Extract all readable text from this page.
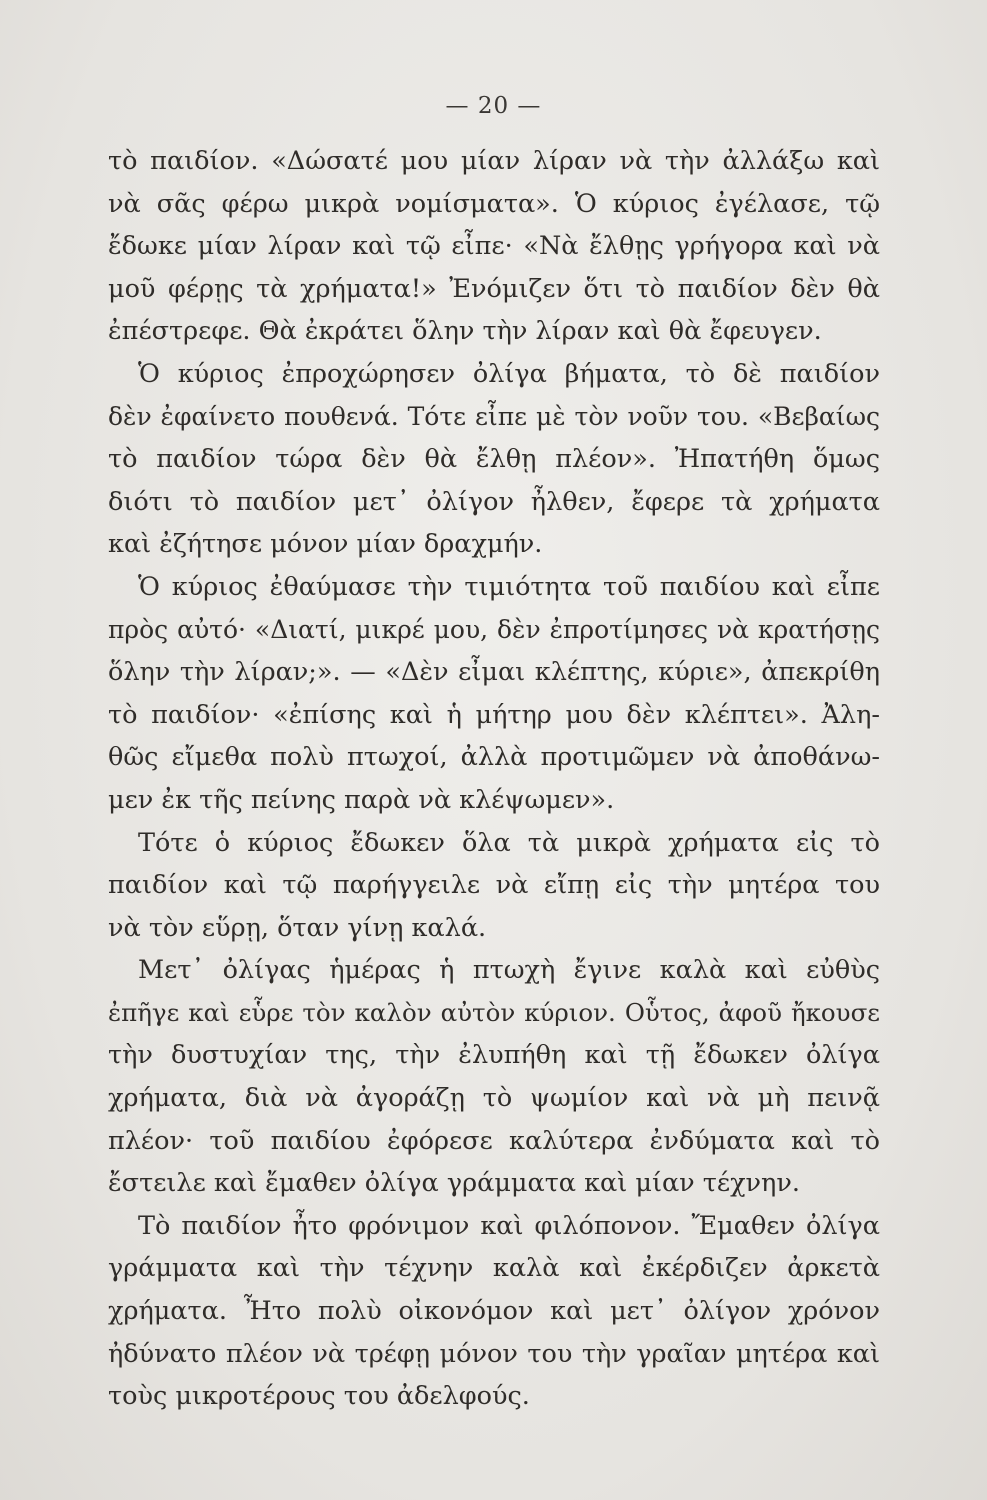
— 20 —
τὸ παιδίον. «Δώσατέ μου μίαν λίραν νὰ τὴν ἀλλάξω καὶ
νὰ σᾶς φέρω μικρὰ νομίσματα». Ὁ κύριος ἐγέλασε, τῷ
ἔδωκε μίαν λίραν καὶ τῷ εἶπε· «Νὰ ἔλθῃς γρήγορα καὶ νὰ
μοῦ φέρῃς τὰ χρήματα!» Ἐνόμιζεν ὅτι τὸ παιδίον δὲν θὰ
ἐπέστρεφε. Θὰ ἐκράτει ὅλην τὴν λίραν καὶ θὰ ἔφευγεν.
Ὁ κύριος ἐπροχώρησεν ὀλίγα βήματα, τὸ δὲ παιδίον
δὲν ἐφαίνετο πουθενά. Τότε εἶπε μὲ τὸν νοῦν του. «Βεβαίως
τὸ παιδίον τώρα δὲν θὰ ἔλθῃ πλέον». Ἠπατήθη ὅμως
διότι τὸ παιδίον μετ᾿ ὀλίγον ἦλθεν, ἔφερε τὰ χρήματα
καὶ ἐζήτησε μόνον μίαν δραχμήν.
Ὁ κύριος ἐθαύμασε τὴν τιμιότητα τοῦ παιδίου καὶ εἶπε
πρὸς αὐτό· «Διατί, μικρέ μου, δὲν ἐπροτίμησες νὰ κρατήσῃς
ὅλην τὴν λίραν;». — «Δὲν εἶμαι κλέπτης, κύριε», ἀπεκρίθη
τὸ παιδίον· «ἐπίσης καὶ ἡ μήτηρ μου δὲν κλέπτει». Ἀλη-
θῶς εἴμεθα πολὺ πτωχοί, ἀλλὰ προτιμῶμεν νὰ ἀποθάνω-
μεν ἐκ τῆς πείνης παρὰ νὰ κλέψωμεν».
Τότε ὁ κύριος ἔδωκεν ὅλα τὰ μικρὰ χρήματα εἰς τὸ
παιδίον καὶ τῷ παρήγγειλε νὰ εἴπῃ εἰς τὴν μητέρα του
νὰ τὸν εὕρῃ, ὅταν γίνῃ καλά.
Μετ᾿ ὀλίγας ἡμέρας ἡ πτωχὴ ἔγινε καλὰ καὶ εὐθὺς
ἐπῆγε καὶ εὗρε τὸν καλὸν αὐτὸν κύριον. Οὗτος, ἀφοῦ ἤκουσε
τὴν δυστυχίαν της, τὴν ἐλυπήθη καὶ τῇ ἔδωκεν ὀλίγα
χρήματα, διὰ νὰ ἀγοράζῃ τὸ ψωμίον καὶ νὰ μὴ πεινᾷ
πλέον· τοῦ παιδίου ἐφόρεσε καλύτερα ἐνδύματα καὶ τὸ
ἔστειλε καὶ ἔμαθεν ὀλίγα γράμματα καὶ μίαν τέχνην.
Τὸ παιδίον ἦτο φρόνιμον καὶ φιλόπονον. Ἔμαθεν ὀλίγα
γράμματα καὶ τὴν τέχνην καλὰ καὶ ἐκέρδιζεν ἀρκετὰ
χρήματα. Ἦτο πολὺ οἰκονόμον καὶ μετ᾿ ὀλίγον χρόνον
ἠδύνατο πλέον νὰ τρέφῃ μόνον του τὴν γραῖαν μητέρα καὶ
τοὺς μικροτέρους του ἀδελφούς.
